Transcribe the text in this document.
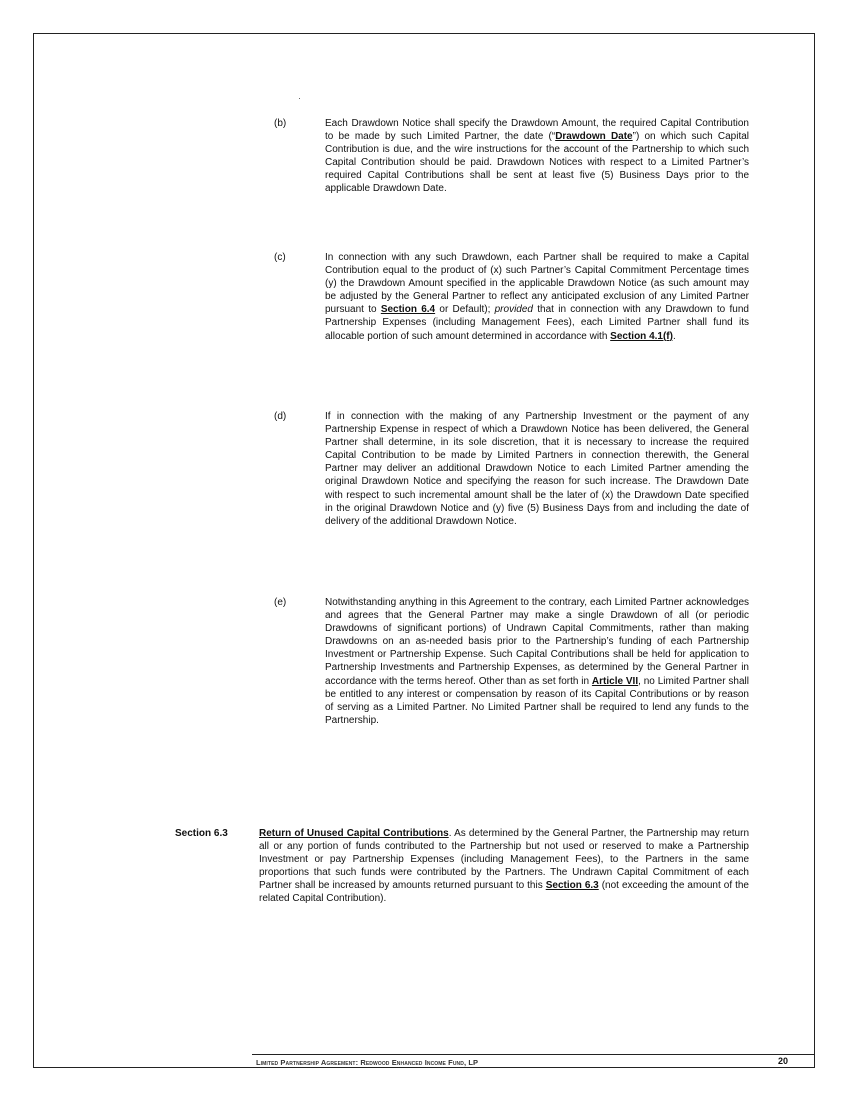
(b)	Each Drawdown Notice shall specify the Drawdown Amount, the required Capital Contribution to be made by such Limited Partner, the date (“Drawdown Date”) on which such Capital Contribution is due, and the wire instructions for the account of the Partnership to which such Capital Contribution should be paid. Drawdown Notices with respect to a Limited Partner’s required Capital Contributions shall be sent at least five (5) Business Days prior to the applicable Drawdown Date.
(c)	In connection with any such Drawdown, each Partner shall be required to make a Capital Contribution equal to the product of (x) such Partner’s Capital Commitment Percentage times (y) the Drawdown Amount specified in the applicable Drawdown Notice (as such amount may be adjusted by the General Partner to reflect any anticipated exclusion of any Limited Partner pursuant to Section 6.4 or Default); provided that in connection with any Drawdown to fund Partnership Expenses (including Management Fees), each Limited Partner shall fund its allocable portion of such amount determined in accordance with Section 4.1(f).
(d)	If in connection with the making of any Partnership Investment or the payment of any Partnership Expense in respect of which a Drawdown Notice has been delivered, the General Partner shall determine, in its sole discretion, that it is necessary to increase the required Capital Contribution to be made by Limited Partners in connection therewith, the General Partner may deliver an additional Drawdown Notice to each Limited Partner amending the original Drawdown Notice and specifying the reason for such increase. The Drawdown Date with respect to such incremental amount shall be the later of (x) the Drawdown Date specified in the original Drawdown Notice and (y) five (5) Business Days from and including the date of delivery of the additional Drawdown Notice.
(e)	Notwithstanding anything in this Agreement to the contrary, each Limited Partner acknowledges and agrees that the General Partner may make a single Drawdown of all (or periodic Drawdowns of significant portions) of Undrawn Capital Commitments, rather than making Drawdowns on an as-needed basis prior to the Partnership’s funding of each Partnership Investment or Partnership Expense. Such Capital Contributions shall be held for application to Partnership Investments and Partnership Expenses, as determined by the General Partner in accordance with the terms hereof. Other than as set forth in Article VII, no Limited Partner shall be entitled to any interest or compensation by reason of its Capital Contributions or by reason of serving as a Limited Partner. No Limited Partner shall be required to lend any funds to the Partnership.
Section 6.3	Return of Unused Capital Contributions. As determined by the General Partner, the Partnership may return all or any portion of funds contributed to the Partnership but not used or reserved to make a Partnership Investment or pay Partnership Expenses (including Management Fees), to the Partners in the same proportions that such funds were contributed by the Partners. The Undrawn Capital Commitment of each Partner shall be increased by amounts returned pursuant to this Section 6.3 (not exceeding the amount of the related Capital Contribution).
Limited Partnership Agreement: Redwood Enhanced Income Fund, LP	20
